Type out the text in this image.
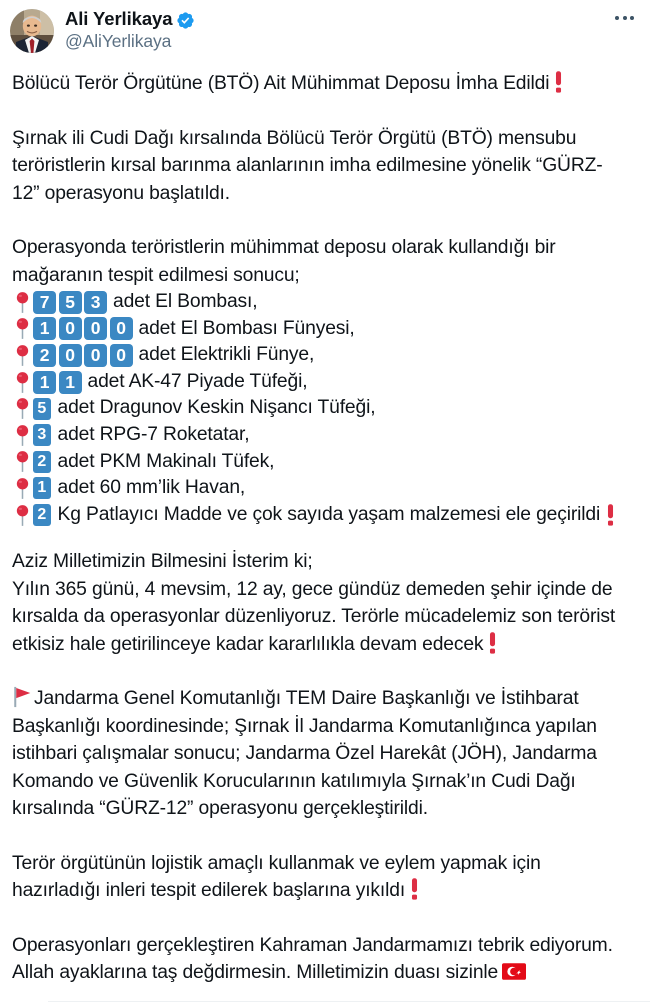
Ali Yerlikaya
@AliYerlikaya
Bölücü Terör Örgütüne (BTÖ) Ait Mühimmat Deposu İmha Edildi

Şırnak ili Cudi Dağı kırsalında Bölücü Terör Örgütü (BTÖ) mensubu
teröristlerin kırsal barınma alanlarının imha edilmesine yönelik “GÜRZ-
12” operasyonu başlatıldı.

Operasyonda teröristlerin mühimmat deposu olarak kullandığı bir
mağaranın tespit edilmesi sonucu;

7 5 3 adet El Bombası,
1 0 0 0 adet El Bombası Fünyesi,
2 0 0 0 adet Elektrikli Fünye,
1 1 adet AK-47 Piyade Tüfeği,
5 adet Dragunov Keskin Nişancı Tüfeği,
3 adet RPG-7 Roketatar,
2 adet PKM Makinalı Tüfek,
1 adet 60 mm’lik Havan,
2 Kg Patlayıcı Madde ve çok sayıda yaşam malzemesi ele geçirildi

Aziz Milletimizin Bilmesini İsterim ki;
Yılın 365 günü, 4 mevsim, 12 ay, gece gündüz demeden şehir içinde de
kırsalda da operasyonlar düzenliyoruz. Terörle mücadelemiz son terörist
etkisiz hale getirilinceye kadar kararlılıkla devam edecek

Jandarma Genel Komutanlığı TEM Daire Başkanlığı ve İstihbarat
Başkanlığı koordinesinde; Şırnak İl Jandarma Komutanlığınca yapılan
istihbari çalışmalar sonucu; Jandarma Özel Harekât (JÖH), Jandarma
Komando ve Güvenlik Korucularının katılımıyla Şırnak’ın Cudi Dağı
kırsalında “GÜRZ-12” operasyonu gerçekleştirildi.

Terör örgütünün lojistik amaçlı kullanmak ve eylem yapmak için
hazırladığı inleri tespit edilerek başlarına yıkıldı

Operasyonları gerçekleştiren Kahraman Jandarmamızı tebrik ediyorum.
Allah ayaklarına taş değdirmesin. Milletimizin duası sizinle
